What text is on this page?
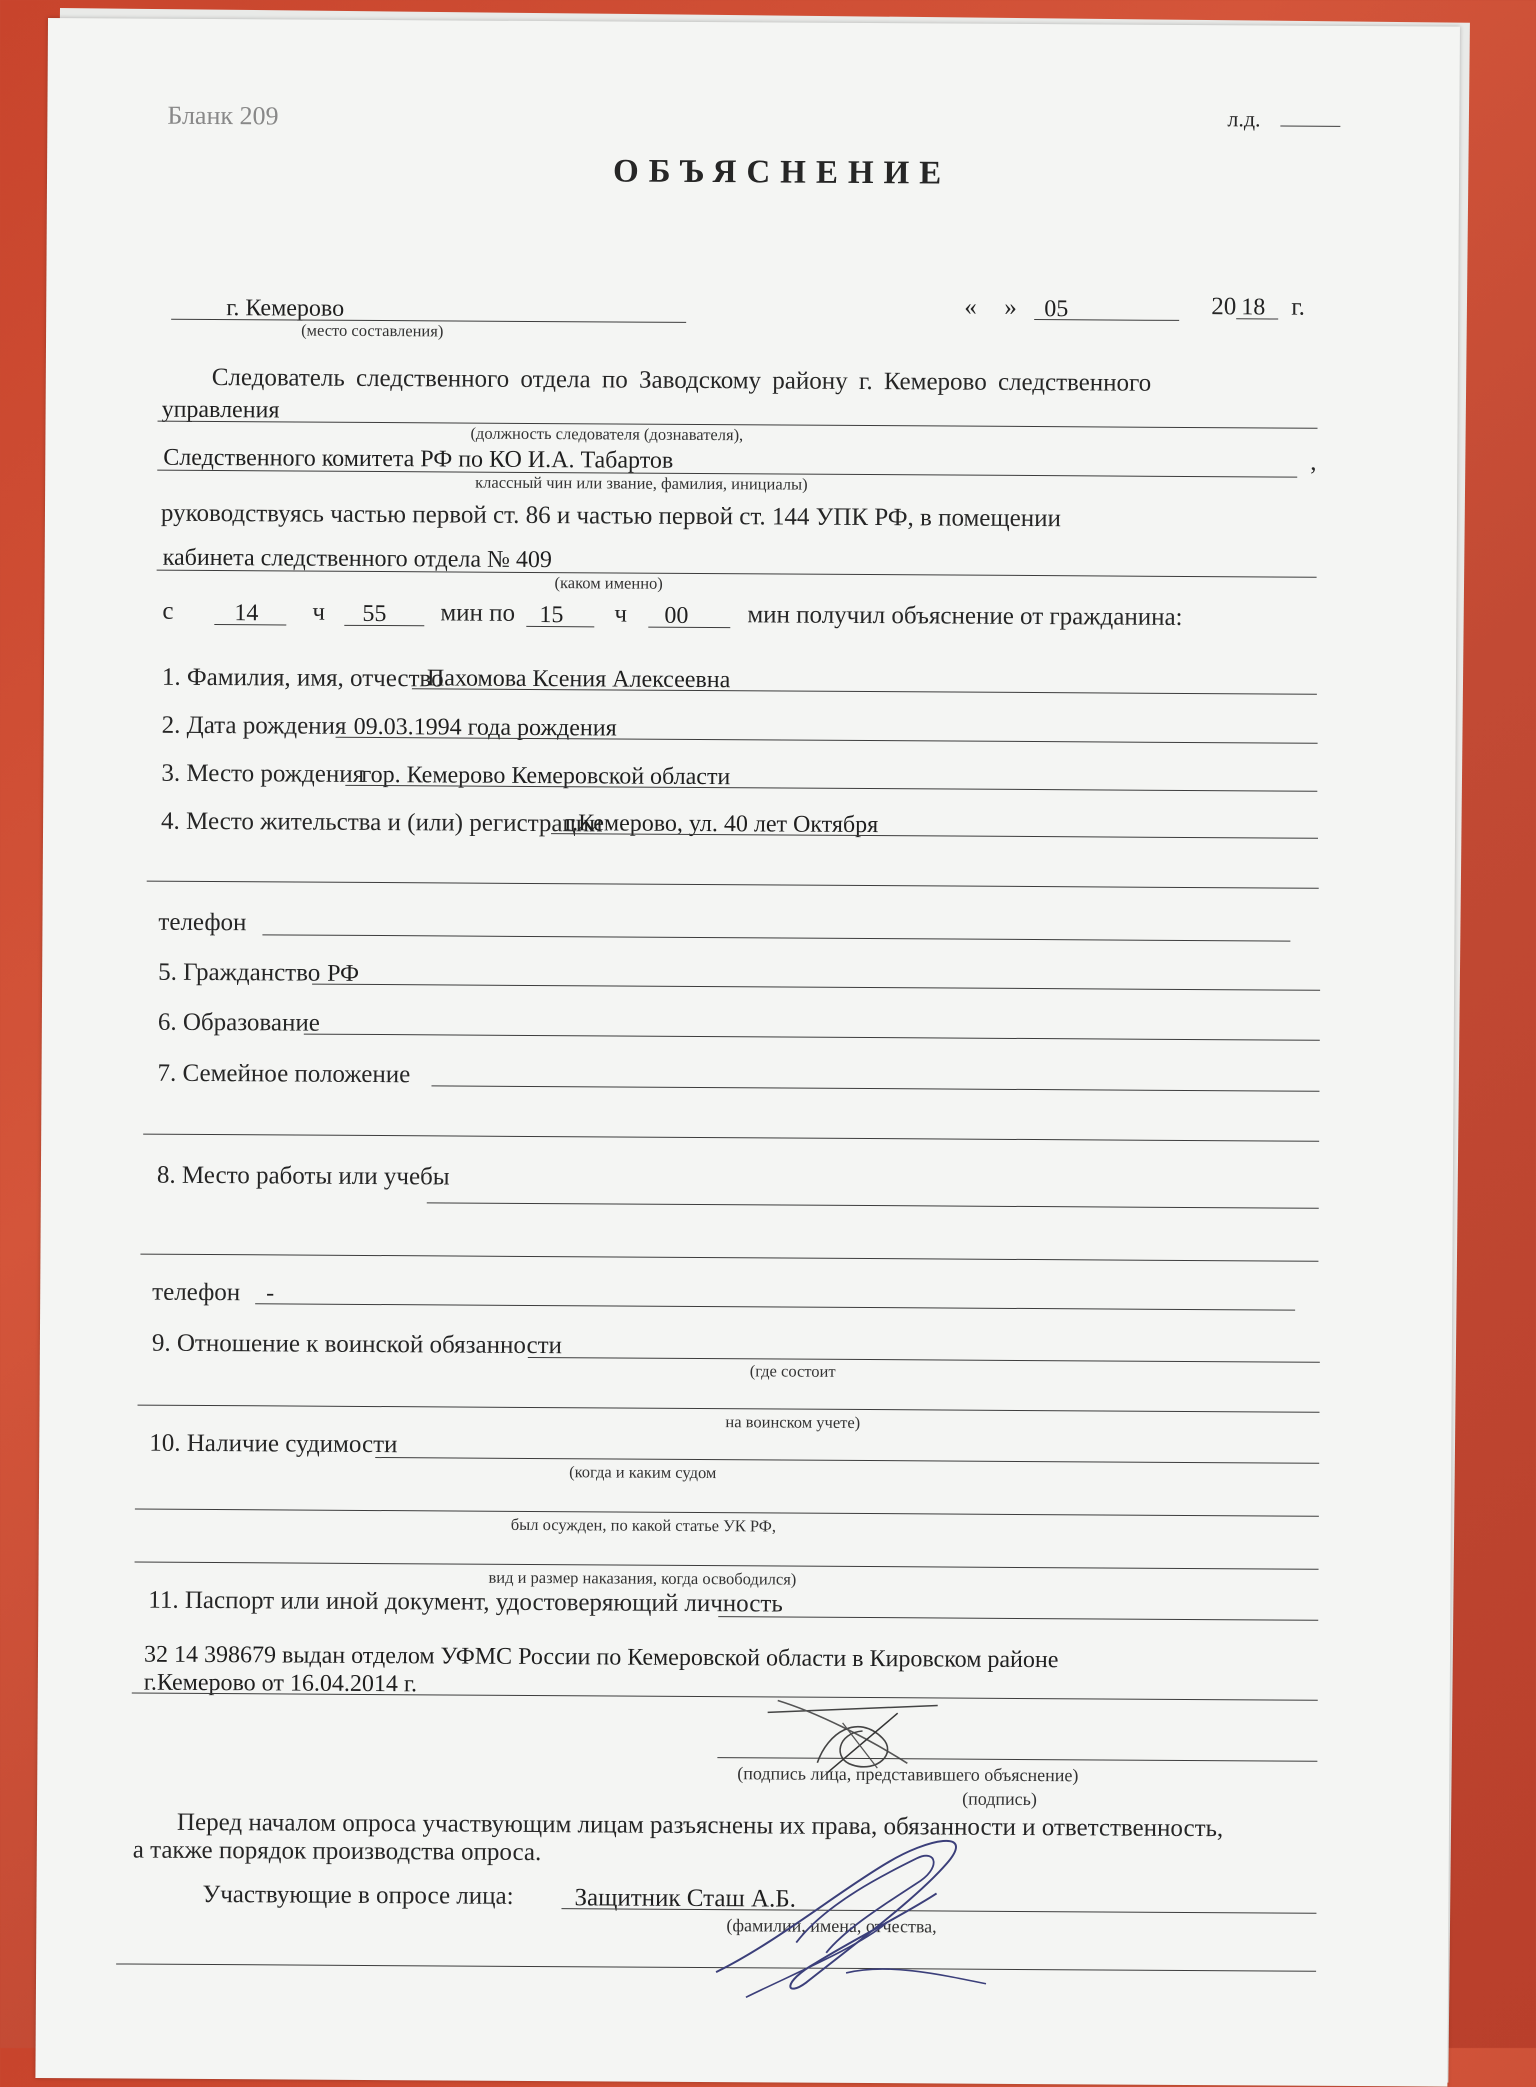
Бланк 209	л.д.
ОБЪЯСНЕНИЕ
г. Кемерово
(место составления)
« » 05	20 18 г.
Следователь следственного отдела по Заводскому району г. Кемерово следственного
управления
(должность следователя (дознавателя),
Следственного комитета РФ по КО И.А. Табартов	,
классный чин или звание, фамилия, инициалы)
руководствуясь частью первой ст. 86 и частью первой ст. 144 УПК РФ, в помещении
кабинета следственного отдела № 409
(каком именно)
с	14 ч 55 мин по 15 ч 00 мин получил объяснение от гражданина:
1. Фамилия, имя, отчество
Пахомова Ксения Алексеевна
2. Дата рождения 09.03.1994 года рождения
3. Место рождения
гор. Кемерово Кемеровской области
4. Место жительства и (или) регистрации
г.Кемерово, ул. 40 лет Октября
телефон
5. Гражданство РФ
6. Образование
7. Семейное положение
8. Место работы или учебы
телефон -
9. Отношение к воинской обязанности
(где состоит
на воинском учете)
10. Наличие судимости
(когда и каким судом
был осужден, по какой статье УК РФ,
вид и размер наказания, когда освободился)
11. Паспорт или иной документ, удостоверяющий личность
32 14 398679 выдан отделом УФМС России по Кемеровской области в Кировском районе
г.Кемерово от 16.04.2014 г.
(подпись лица, представившего объяснение)
(подпись)
Перед началом опроса участвующим лицам разъяснены их права, обязанности и ответственность,
а также порядок производства опроса.
Участвующие в опросе лица: Защитник Сташ А.Б.
(фамилии, имена, отчества,
